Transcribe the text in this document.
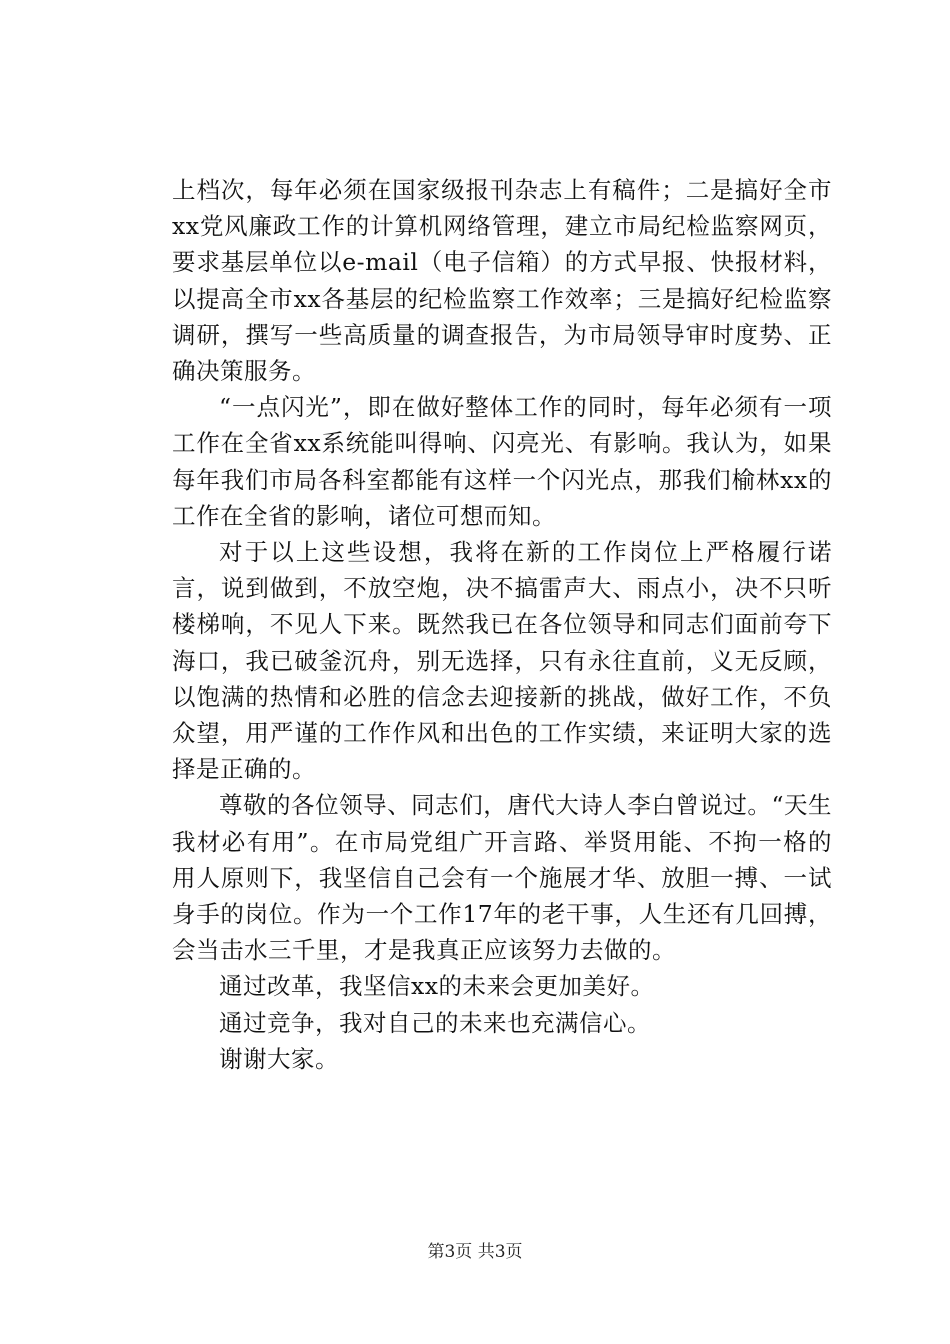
上档次，每年必须在国家级报刊杂志上有稿件；二是搞好全市xx党风廉政工作的计算机网络管理，建立市局纪检监察网页，要求基层单位以e-mail（电子信箱）的方式早报、快报材料，以提高全市xx各基层的纪检监察工作效率；三是搞好纪检监察调研，撰写一些高质量的调查报告，为市局领导审时度势、正确决策服务。

“一点闪光”，即在做好整体工作的同时，每年必须有一项工作在全省xx系统能叫得响、闪亮光、有影响。我认为，如果每年我们市局各科室都能有这样一个闪光点，那我们榆林xx的工作在全省的影响，诸位可想而知。

对于以上这些设想，我将在新的工作岗位上严格履行诺言，说到做到，不放空炮，决不搞雷声大、雨点小，决不只听楼梯响，不见人下来。既然我已在各位领导和同志们面前夸下海口，我已破釜沉舟，别无选择，只有永往直前，义无反顾，以饱满的热情和必胜的信念去迎接新的挑战，做好工作，不负众望，用严谨的工作作风和出色的工作实绩，来证明大家的选择是正确的。

尊敬的各位领导、同志们，唐代大诗人李白曾说过。“天生我材必有用”。在市局党组广开言路、举贤用能、不拘一格的用人原则下，我坚信自己会有一个施展才华、放胆一搏、一试身手的岗位。作为一个工作17年的老干事，人生还有几回搏，会当击水三千里，才是我真正应该努力去做的。

通过改革，我坚信xx的未来会更加美好。

通过竞争，我对自己的未来也充满信心。

谢谢大家。

第3页 共3页
